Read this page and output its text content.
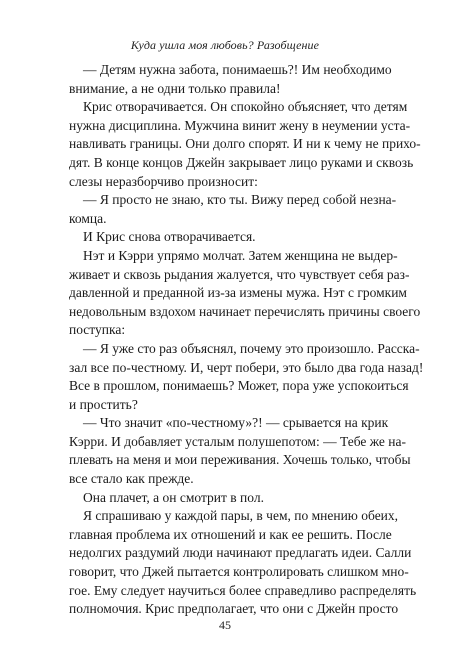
Куда ушла моя любовь? Разобщение
— Детям нужна забота, понимаешь?! Им необходимо
внимание, а не одни только правила!
Крис отворачивается. Он спокойно объясняет, что детям
нужна дисциплина. Мужчина винит жену в неумении уста-
навливать границы. Они долго спорят. И ни к чему не прихо-
дят. В конце концов Джейн закрывает лицо руками и сквозь
слезы неразборчиво произносит:
— Я просто не знаю, кто ты. Вижу перед собой незна-
комца.
И Крис снова отворачивается.
Нэт и Кэрри упрямо молчат. Затем женщина не выдер-
живает и сквозь рыдания жалуется, что чувствует себя раз-
давленной и преданной из-за измены мужа. Нэт с громким
недовольным вздохом начинает перечислять причины своего
поступка:
— Я уже сто раз объяснял, почему это произошло. Расска-
зал все по-честному. И, черт побери, это было два года назад!
Все в прошлом, понимаешь? Может, пора уже успокоиться
и простить?
— Что значит «по-честному»?! — срывается на крик
Кэрри. И добавляет усталым полушепотом: — Тебе же на-
плевать на меня и мои переживания. Хочешь только, чтобы
все стало как прежде.
Она плачет, а он смотрит в пол.
Я спрашиваю у каждой пары, в чем, по мнению обеих,
главная проблема их отношений и как ее решить. После
недолгих раздумий люди начинают предлагать идеи. Салли
говорит, что Джей пытается контролировать слишком мно-
гое. Ему следует научиться более справедливо распределять
полномочия. Крис предполагает, что они с Джейн просто
45
